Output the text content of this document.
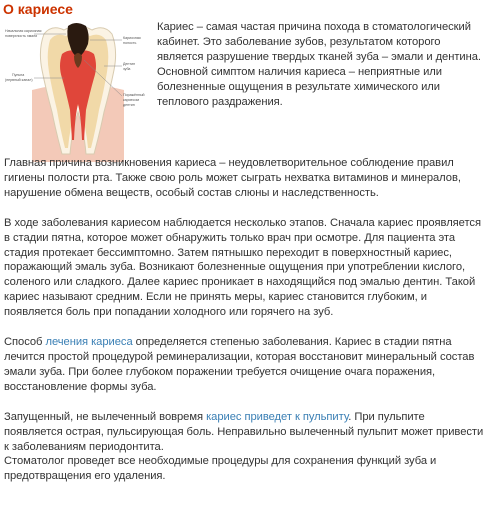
О кариесе
Начальная кариозная
поверхность эмали
Пульпа
(нервный канал)
Кариозная
полость
Дентин
зуба
Поражённый
кариесом
дентин

Кариес – самая частая причина похода в стоматологический кабинет. Это заболевание зубов, результатом которого является разрушение твердых тканей зуба – эмали и дентина. Основной симптом наличия кариеса – неприятные или болезненные ощущения в результате химического или теплового раздражения.

Главная причина возникновения кариеса – неудовлетворительное соблюдение правил гигиены полости рта. Также свою роль может сыграть нехватка витаминов и минералов, нарушение обмена веществ, особый состав слюны и наследственность.

В ходе заболевания кариесом наблюдается несколько этапов. Сначала кариес проявляется в стадии пятна, которое может обнаружить только врач при осмотре. Для пациента эта стадия протекает бессимптомно. Затем пятнышко переходит в поверхностный кариес, поражающий эмаль зуба. Возникают болезненные ощущения при употреблении кислого, соленого или сладкого. Далее кариес проникает в находящийся под эмалью дентин. Такой кариес называют средним. Если не принять меры, кариес становится глубоким, и появляется боль при попадании холодного или горячего на зуб.

Способ лечения кариеса определяется степенью заболевания. Кариес в стадии пятна лечится простой процедурой реминерализации, которая восстановит минеральный состав эмали зуба. При более глубоком поражении требуется очищение очага поражения, восстановление формы зуба.

Запущенный, не вылеченный вовремя кариес приведет к пульпиту. При пульпите появляется острая, пульсирующая боль. Неправильно вылеченный пульпит может привести к заболеваниям периодонтита.

Стоматолог проведет все необходимые процедуры для сохранения функций зуба и предотвращения его удаления.
